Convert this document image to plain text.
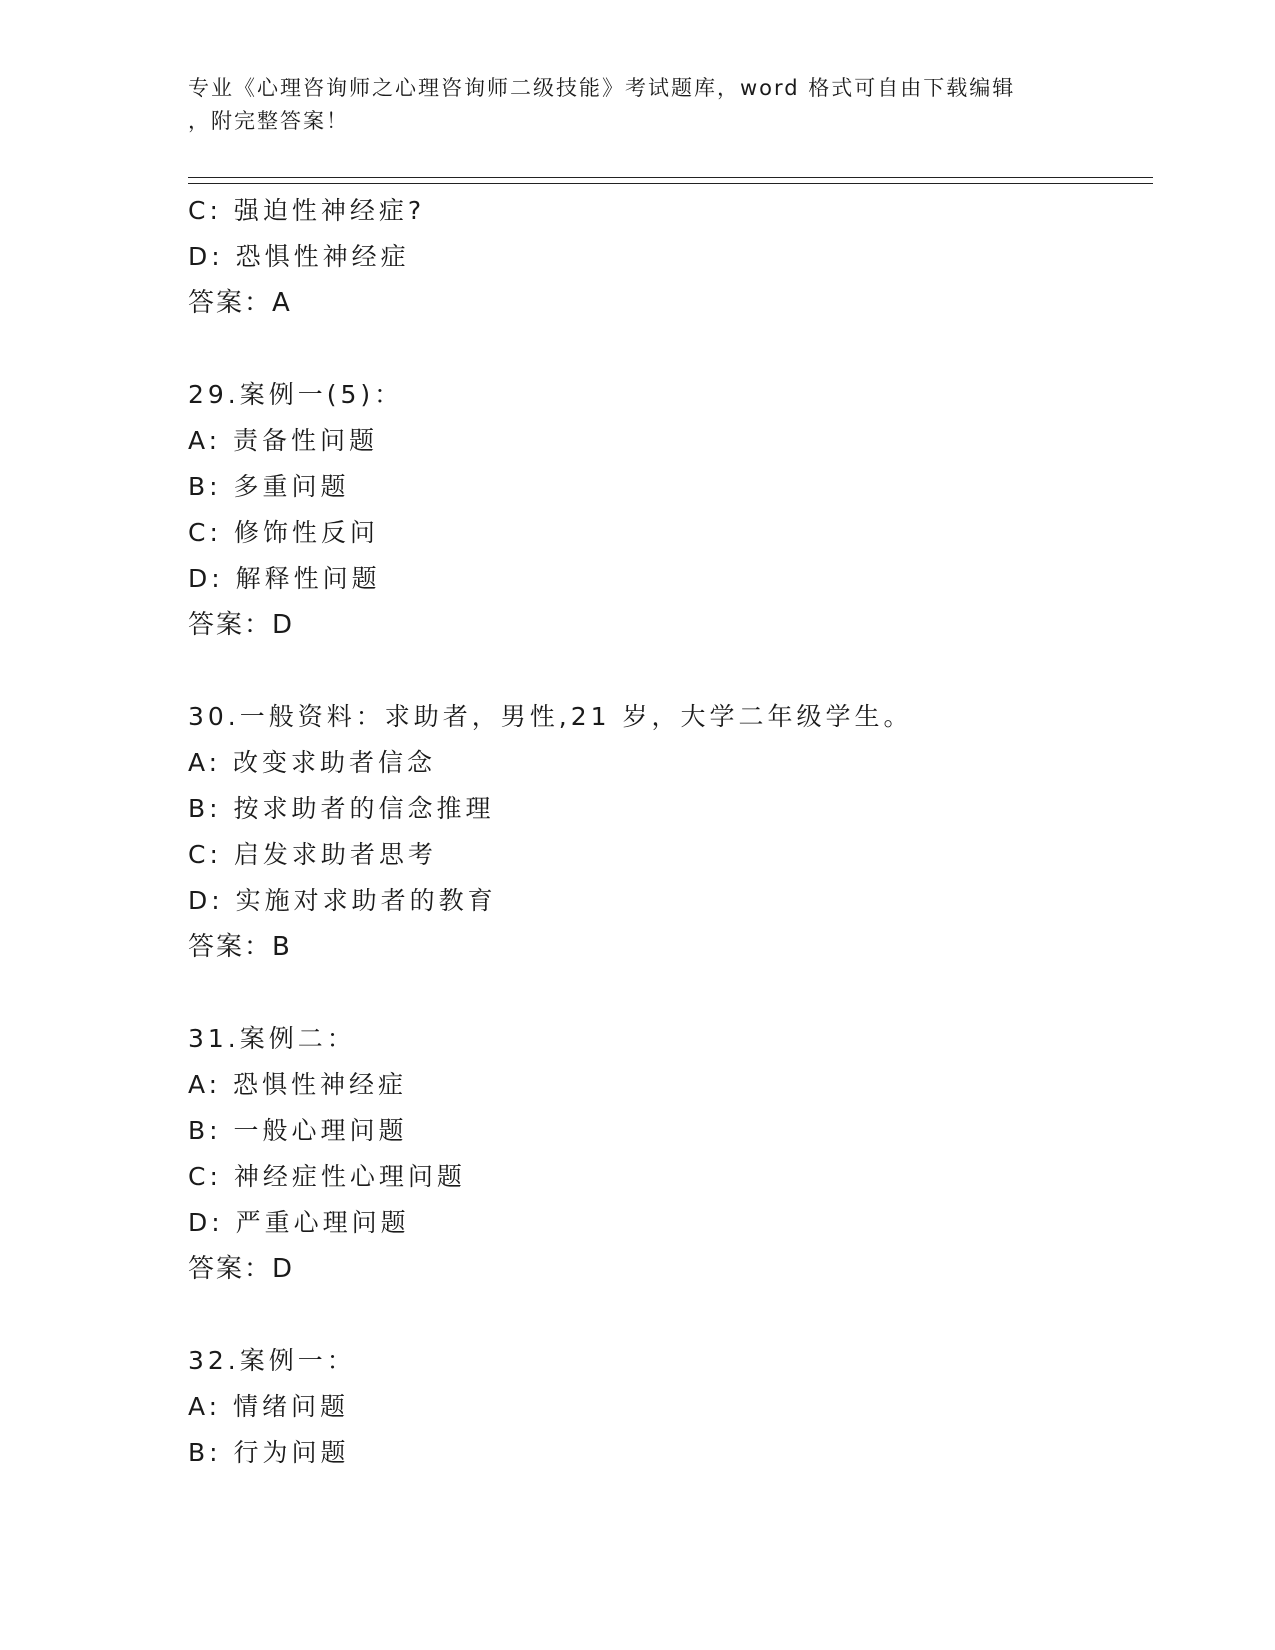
专业《心理咨询师之心理咨询师二级技能》考试题库，word 格式可自由下载编辑
，附完整答案！
C: 强迫性神经症?
D: 恐惧性神经症
答案：A
29.案例一(5)：
A: 责备性问题
B: 多重问题
C: 修饰性反问
D: 解释性问题
答案：D
30.一般资料：求助者，男性,21 岁，大学二年级学生。
A: 改变求助者信念
B: 按求助者的信念推理
C: 启发求助者思考
D: 实施对求助者的教育
答案：B
31.案例二：
A: 恐惧性神经症
B: 一般心理问题
C: 神经症性心理问题
D: 严重心理问题
答案：D
32.案例一：
A: 情绪问题
B: 行为问题
